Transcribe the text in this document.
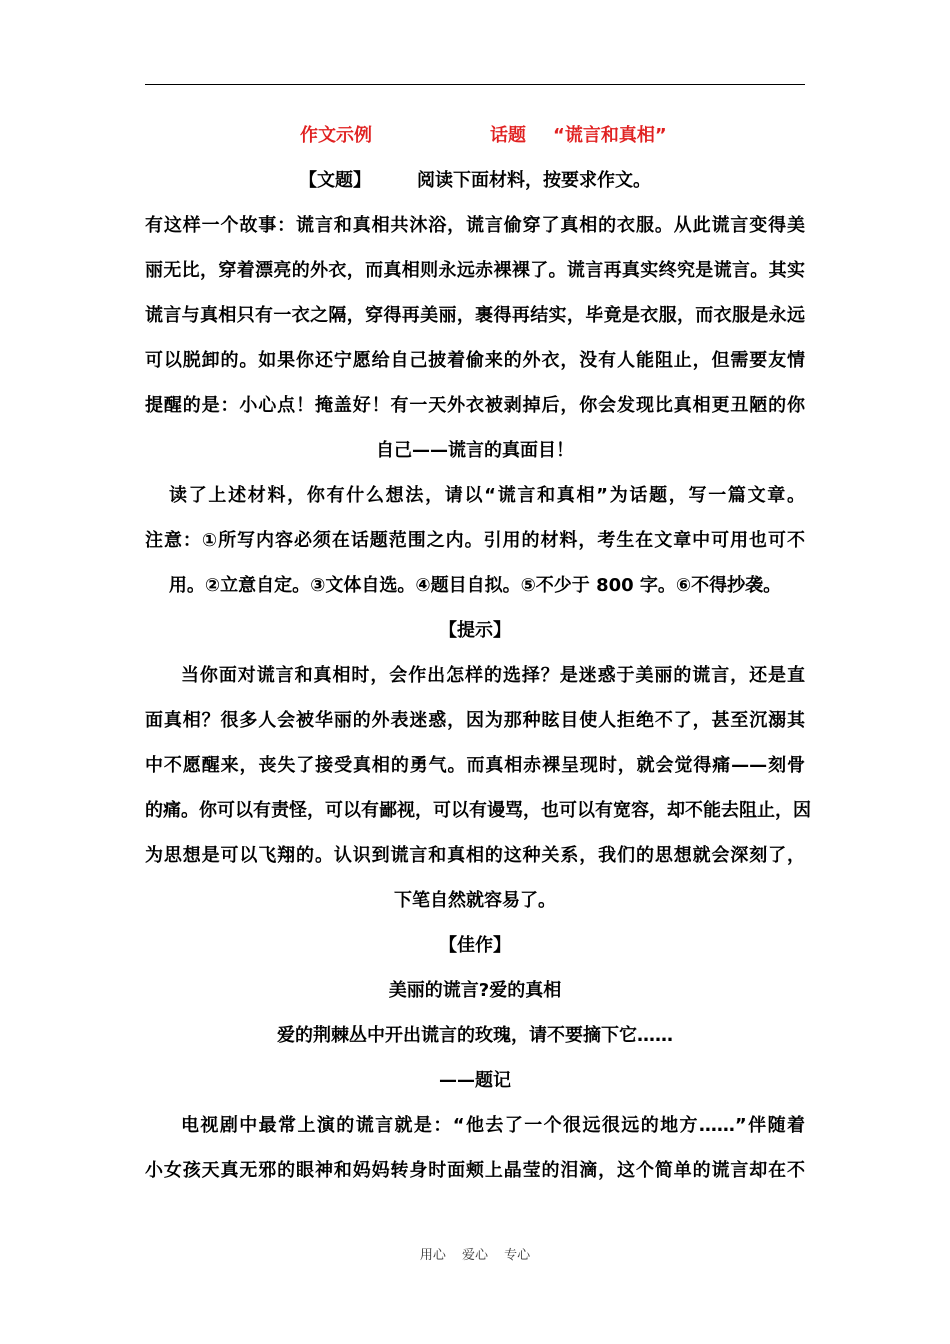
作文示例	话题 “谎言和真相”
【文题】	阅读下面材料，按要求作文。
有这样一个故事：谎言和真相共沐浴，谎言偷穿了真相的衣服。从此谎言变得美
丽无比，穿着漂亮的外衣，而真相则永远赤裸裸了。谎言再真实终究是谎言。其实
谎言与真相只有一衣之隔，穿得再美丽，裹得再结实，毕竟是衣服，而衣服是永远
可以脱卸的。如果你还宁愿给自己披着偷来的外衣，没有人能阻止，但需要友情
提醒的是：小心点！掩盖好！有一天外衣被剥掉后，你会发现比真相更丑陋的你
自己——谎言的真面目！
读了上述材料，你有什么想法，请以“谎言和真相”为话题，写一篇文章。
注意：①所写内容必须在话题范围之内。引用的材料，考生在文章中可用也可不
用。②立意自定。③文体自选。④题目自拟。⑤不少于 800 字。⑥不得抄袭。
【提示】
当你面对谎言和真相时，会作出怎样的选择？是迷惑于美丽的谎言，还是直
面真相？很多人会被华丽的外表迷惑，因为那种眩目使人拒绝不了，甚至沉溺其
中不愿醒来，丧失了接受真相的勇气。而真相赤裸呈现时，就会觉得痛——刻骨
的痛。你可以有责怪，可以有鄙视，可以有谩骂，也可以有宽容，却不能去阻止，因
为思想是可以飞翔的。认识到谎言和真相的这种关系，我们的思想就会深刻了，
下笔自然就容易了。
【佳作】
美丽的谎言?爱的真相
爱的荆棘丛中开出谎言的玫瑰，请不要摘下它……
——题记
电视剧中最常上演的谎言就是：“他去了一个很远很远的地方……”伴随着
小女孩天真无邪的眼神和妈妈转身时面颊上晶莹的泪滴，这个简单的谎言却在不
用心 爱心 专心
